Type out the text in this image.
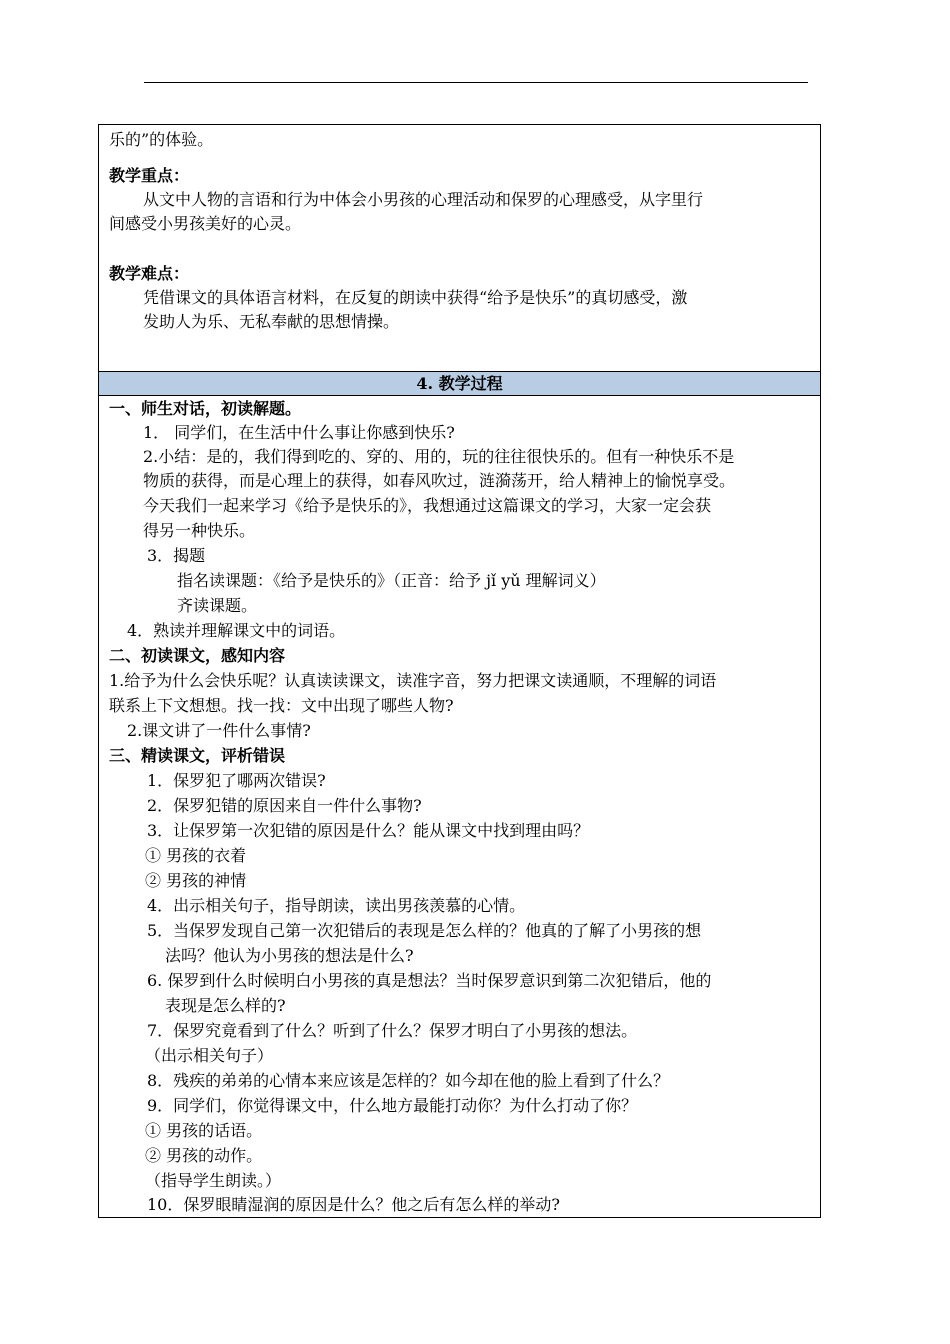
乐的”的体验。
教学重点：
从文中人物的言语和行为中体会小男孩的心理活动和保罗的心理感受，从字里行
间感受小男孩美好的心灵。
教学难点：
凭借课文的具体语言材料，在反复的朗读中获得“给予是快乐”的真切感受，激
发助人为乐、无私奉献的思想情操。
4. 教学过程
一、师生对话，初读解题。
1． 同学们，在生活中什么事让你感到快乐?
2.小结：是的，我们得到吃的、穿的、用的，玩的往往很快乐的。但有一种快乐不是
物质的获得，而是心理上的获得，如春风吹过，涟漪荡开，给人精神上的愉悦享受。
今天我们一起来学习《给予是快乐的》，我想通过这篇课文的学习，大家一定会获
得另一种快乐。
3．揭题
指名读课题：《给予是快乐的》（正音：给予 jǐ yǔ 理解词义）
齐读课题。
4．熟读并理解课文中的词语。
二、初读课文，感知内容
1.给予为什么会快乐呢？认真读读课文，读准字音，努力把课文读通顺，不理解的词语
联系上下文想想。找一找：文中出现了哪些人物?
2.课文讲了一件什么事情?
三、精读课文，评析错误
1．保罗犯了哪两次错误?
2．保罗犯错的原因来自一件什么事物?
3．让保罗第一次犯错的原因是什么？能从课文中找到理由吗？
① 男孩的衣着
② 男孩的神情
4．出示相关句子，指导朗读，读出男孩羡慕的心情。
5．当保罗发现自己第一次犯错后的表现是怎么样的？他真的了解了小男孩的想
法吗？他认为小男孩的想法是什么?
6. 保罗到什么时候明白小男孩的真是想法？当时保罗意识到第二次犯错后，他的
表现是怎么样的?
7．保罗究竟看到了什么？听到了什么？保罗才明白了小男孩的想法。
（出示相关句子）
8．残疾的弟弟的心情本来应该是怎样的？如今却在他的脸上看到了什么？
9．同学们，你觉得课文中，什么地方最能打动你？为什么打动了你？
① 男孩的话语。
② 男孩的动作。
（指导学生朗读。）
10．保罗眼睛湿润的原因是什么？他之后有怎么样的举动?
